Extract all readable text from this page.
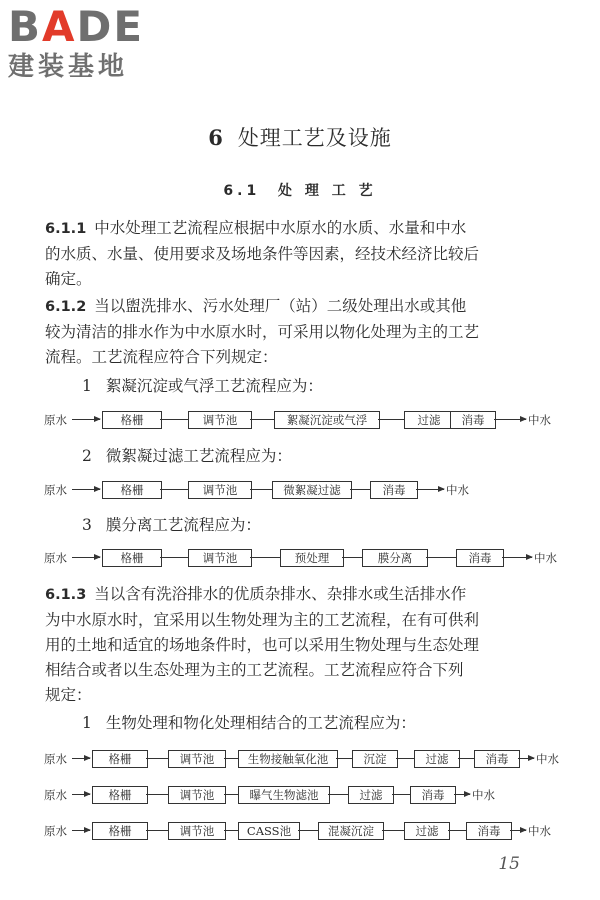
BADE
建装基地
6 处理工艺及设施
6.1 处 理 工 艺
6.1.1 中水处理工艺流程应根据中水原水的水质、水量和中水
的水质、水量、使用要求及场地条件等因素，经技术经济比较后
确定。
6.1.2 当以盥洗排水、污水处理厂（站）二级处理出水或其他
较为清洁的排水作为中水原水时，可采用以物化处理为主的工艺
流程。工艺流程应符合下列规定：
1 絮凝沉淀或气浮工艺流程应为：
原水	格栅	调节池	絮凝沉淀或气浮	过滤	消毒	中水
2 微絮凝过滤工艺流程应为：
原水	格栅	调节池	微絮凝过滤	消毒	中水
3 膜分离工艺流程应为：
原水	格栅	调节池	预处理	膜分离	消毒	中水
6.1.3 当以含有洗浴排水的优质杂排水、杂排水或生活排水作
为中水原水时，宜采用以生物处理为主的工艺流程，在有可供利
用的土地和适宜的场地条件时，也可以采用生物处理与生态处理
相结合或者以生态处理为主的工艺流程。工艺流程应符合下列
规定：
1 生物处理和物化处理相结合的工艺流程应为：
原水	格栅	调节池	生物接触氧化池	沉淀	过滤	消毒	中水
原水	格栅	调节池	曝气生物滤池	过滤	消毒	中水
原水	格栅	调节池	CASS池	混凝沉淀	过滤	消毒	中水
15
